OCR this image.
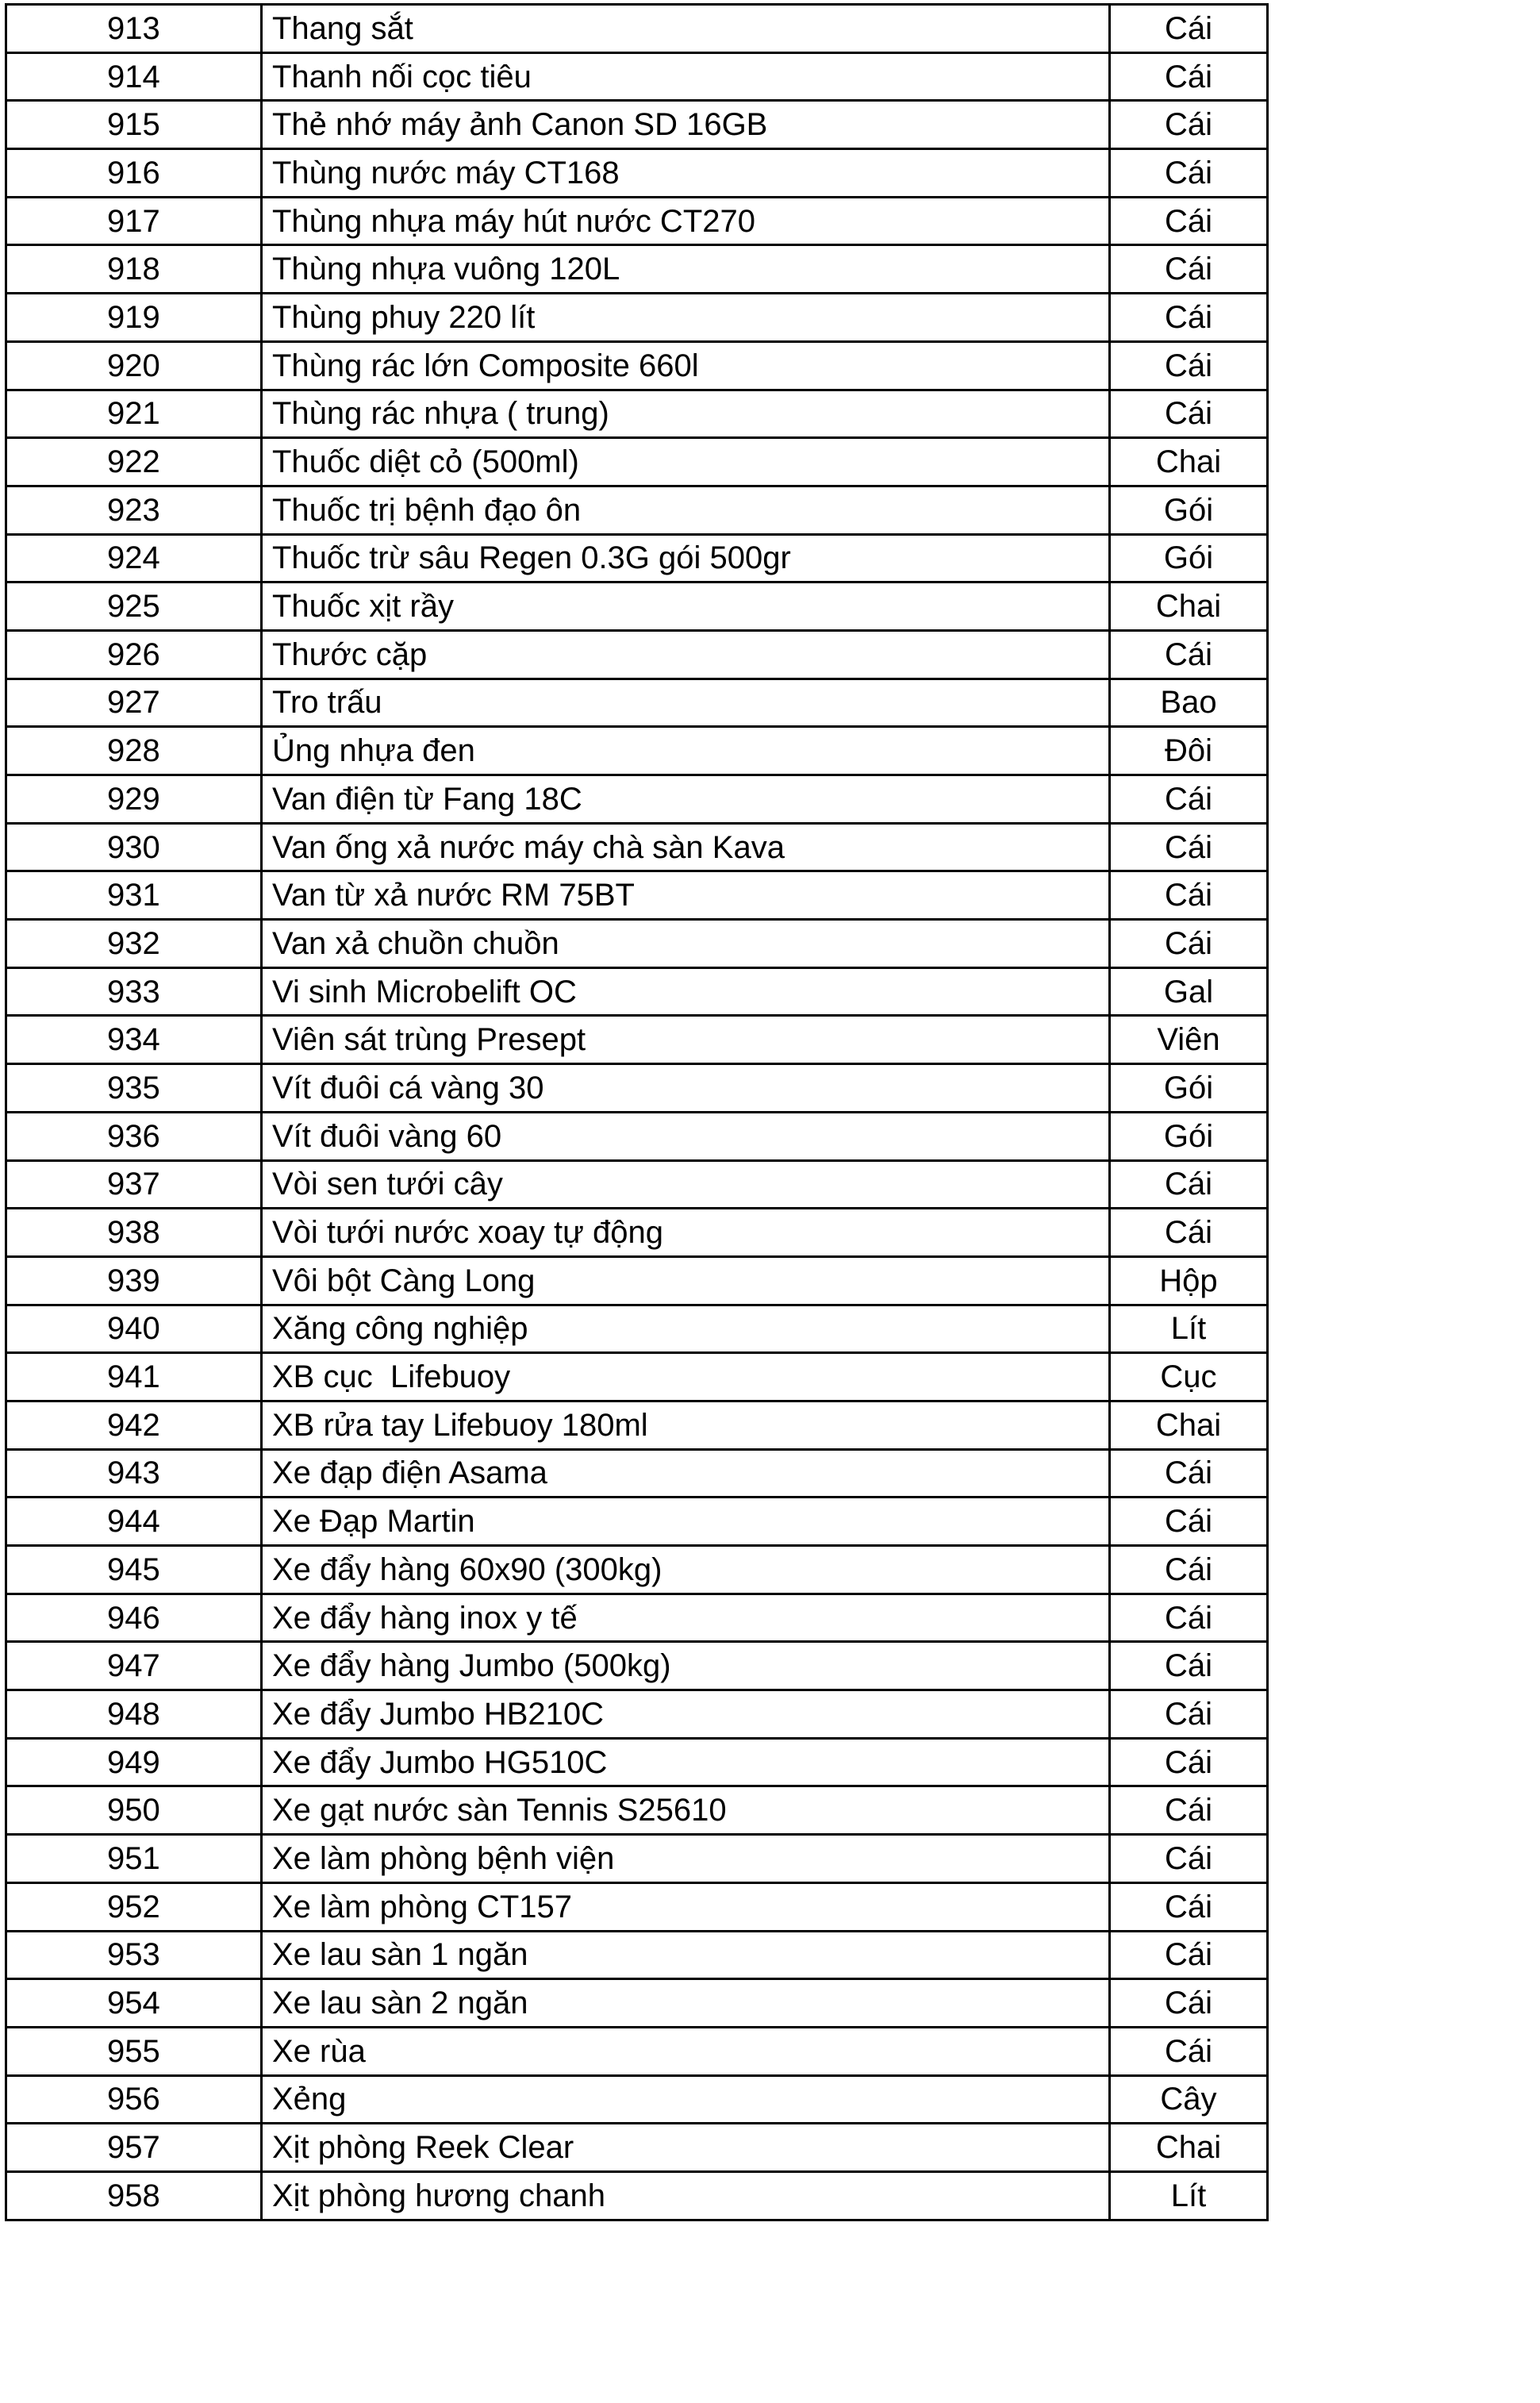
913	Thang sắt	Cái
914	Thanh nối cọc tiêu	Cái
915	Thẻ nhớ máy ảnh Canon SD 16GB	Cái
916	Thùng nước máy CT168	Cái
917	Thùng nhựa máy hút nước CT270	Cái
918	Thùng nhựa vuông 120L	Cái
919	Thùng phuy 220 lít	Cái
920	Thùng rác lớn Composite 660l	Cái
921	Thùng rác nhựa ( trung)	Cái
922	Thuốc diệt cỏ (500ml)	Chai
923	Thuốc trị bệnh đạo ôn	Gói
924	Thuốc trừ sâu Regen 0.3G gói 500gr	Gói
925	Thuốc xịt rầy	Chai
926	Thước cặp	Cái
927	Tro trấu	Bao
928	Ủng nhựa đen	Đôi
929	Van điện từ Fang 18C	Cái
930	Van ống xả nước máy chà sàn Kava	Cái
931	Van từ xả nước RM 75BT	Cái
932	Van xả chuồn chuồn	Cái
933	Vi sinh Microbelift OC	Gal
934	Viên sát trùng Presept	Viên
935	Vít đuôi cá vàng 30	Gói
936	Vít đuôi vàng 60	Gói
937	Vòi sen tưới cây	Cái
938	Vòi tưới nước xoay tự động	Cái
939	Vôi bột Càng Long	Hộp
940	Xăng công nghiệp	Lít
941	XB cục  Lifebuoy	Cục
942	XB rửa tay Lifebuoy 180ml	Chai
943	Xe đạp điện Asama	Cái
944	Xe Đạp Martin	Cái
945	Xe đẩy hàng 60x90 (300kg)	Cái
946	Xe đẩy hàng inox y tế	Cái
947	Xe đẩy hàng Jumbo (500kg)	Cái
948	Xe đẩy Jumbo HB210C	Cái
949	Xe đẩy Jumbo HG510C	Cái
950	Xe gạt nước sàn Tennis S25610	Cái
951	Xe làm phòng bệnh viện	Cái
952	Xe làm phòng CT157	Cái
953	Xe lau sàn 1 ngăn	Cái
954	Xe lau sàn 2 ngăn	Cái
955	Xe rùa	Cái
956	Xẻng	Cây
957	Xịt phòng Reek Clear	Chai
958	Xịt phòng hương chanh	Lít
